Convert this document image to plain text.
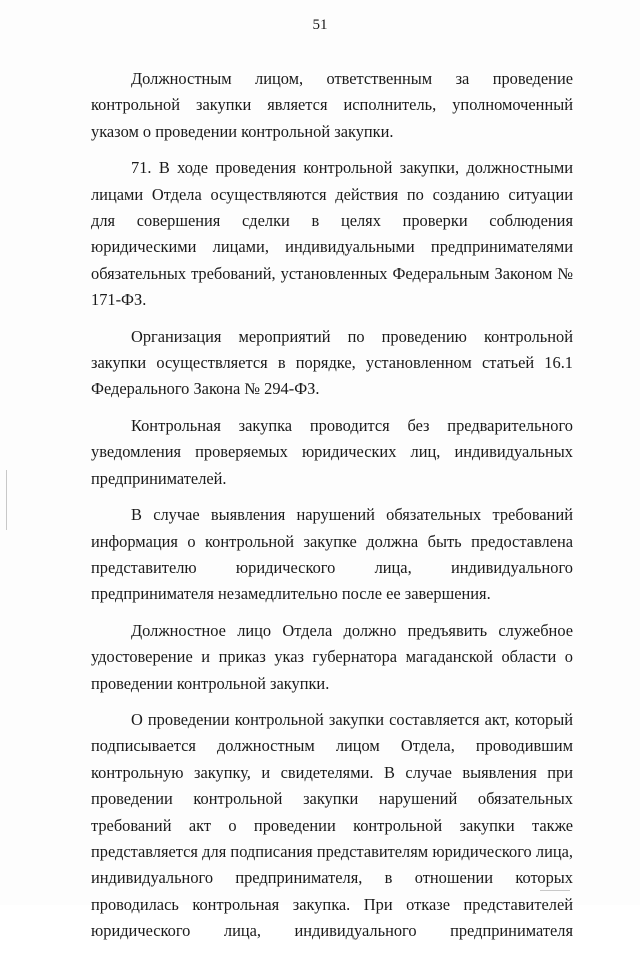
51

Должностным лицом, ответственным за проведение контрольной закупки является исполнитель, уполномоченный указом о проведении контрольной закупки.

71. В ходе проведения контрольной закупки, должностными лицами Отдела осуществляются действия по созданию ситуации для совершения сделки в целях проверки соблюдения юридическими лицами, индивидуальными предпринимателями обязательных требований, установленных Федеральным Законом № 171-ФЗ.

Организация мероприятий по проведению контрольной закупки осуществляется в порядке, установленном статьей 16.1 Федерального Закона № 294-ФЗ.

Контрольная закупка проводится без предварительного уведомления проверяемых юридических лиц, индивидуальных предпринимателей.

В случае выявления нарушений обязательных требований информация о контрольной закупке должна быть предоставлена представителю юридического лица, индивидуального предпринимателя незамедлительно после ее завершения.

Должностное лицо Отдела должно предъявить служебное удостоверение и приказ указ губернатора магаданской области о проведении контрольной закупки.

О проведении контрольной закупки составляется акт, который подписывается должностным лицом Отдела, проводившим контрольную закупку, и свидетелями. В случае выявления при проведении контрольной закупки нарушений обязательных требований акт о проведении контрольной закупки также представляется для подписания представителям юридического лица, индивидуального предпринимателя, в отношении которых проводилась контрольная закупка. При отказе представителей юридического лица, индивидуального предпринимателя
